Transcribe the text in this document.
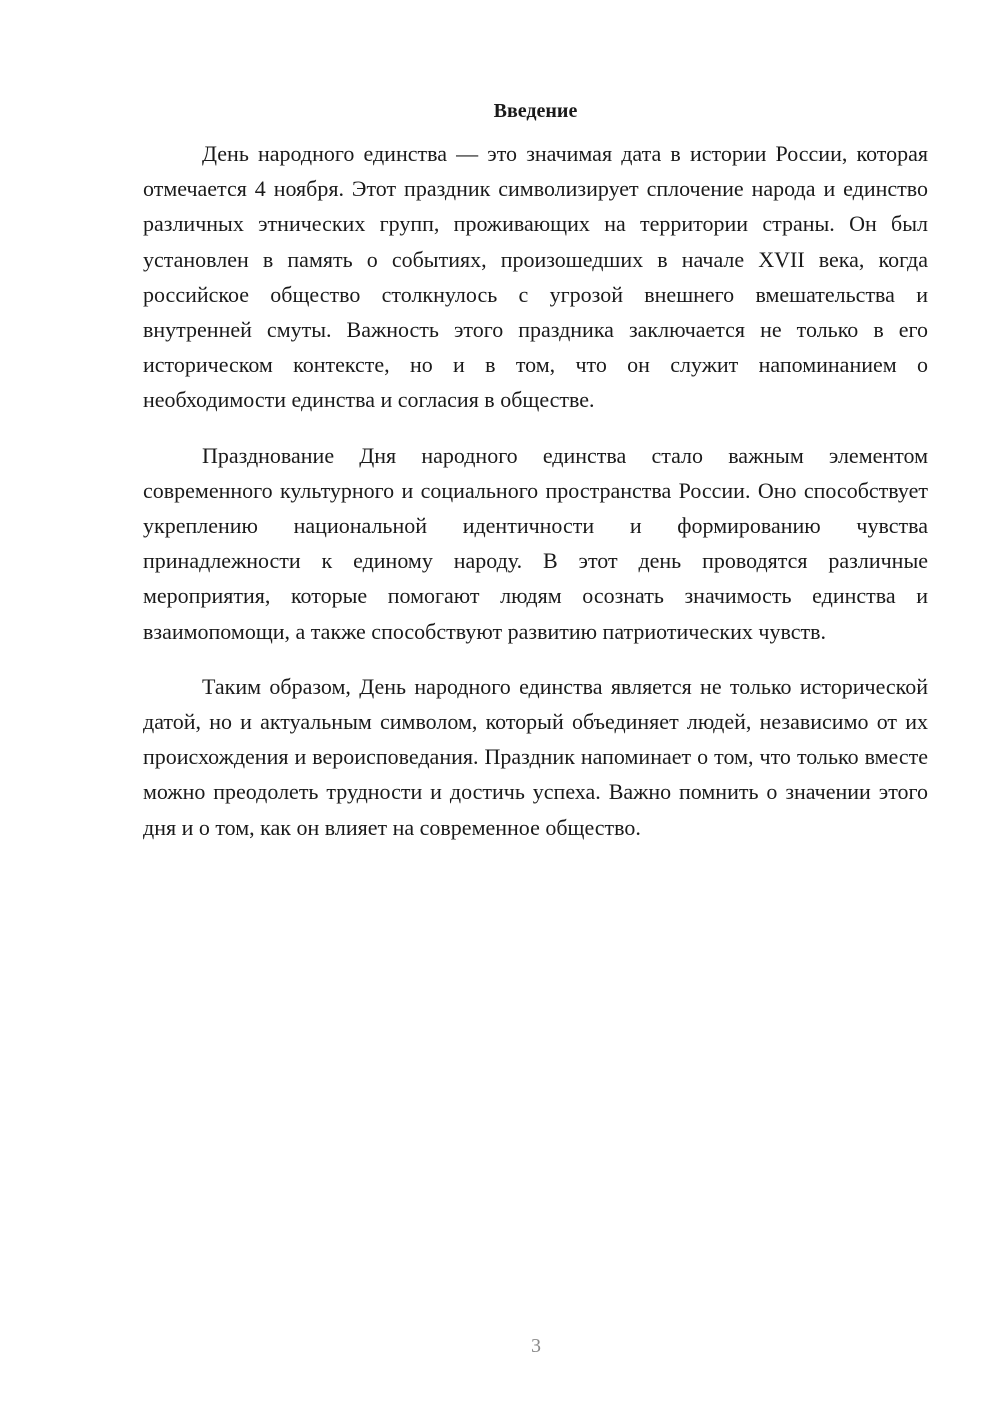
Введение

День народного единства — это значимая дата в истории России, которая отмечается 4 ноября. Этот праздник символизирует сплочение народа и единство различных этнических групп, проживающих на территории страны. Он был установлен в память о событиях, произошедших в начале XVII века, когда российское общество столкнулось с угрозой внешнего вмешательства и внутренней смуты. Важность этого праздника заключается не только в его историческом контексте, но и в том, что он служит напоминанием о необходимости единства и согласия в обществе.

Празднование Дня народного единства стало важным элементом современного культурного и социального пространства России. Оно способствует укреплению национальной идентичности и формированию чувства принадлежности к единому народу. В этот день проводятся различные мероприятия, которые помогают людям осознать значимость единства и взаимопомощи, а также способствуют развитию патриотических чувств.

Таким образом, День народного единства является не только исторической датой, но и актуальным символом, который объединяет людей, независимо от их происхождения и вероисповедания. Праздник напоминает о том, что только вместе можно преодолеть трудности и достичь успеха. Важно помнить о значении этого дня и о том, как он влияет на современное общество.

3
